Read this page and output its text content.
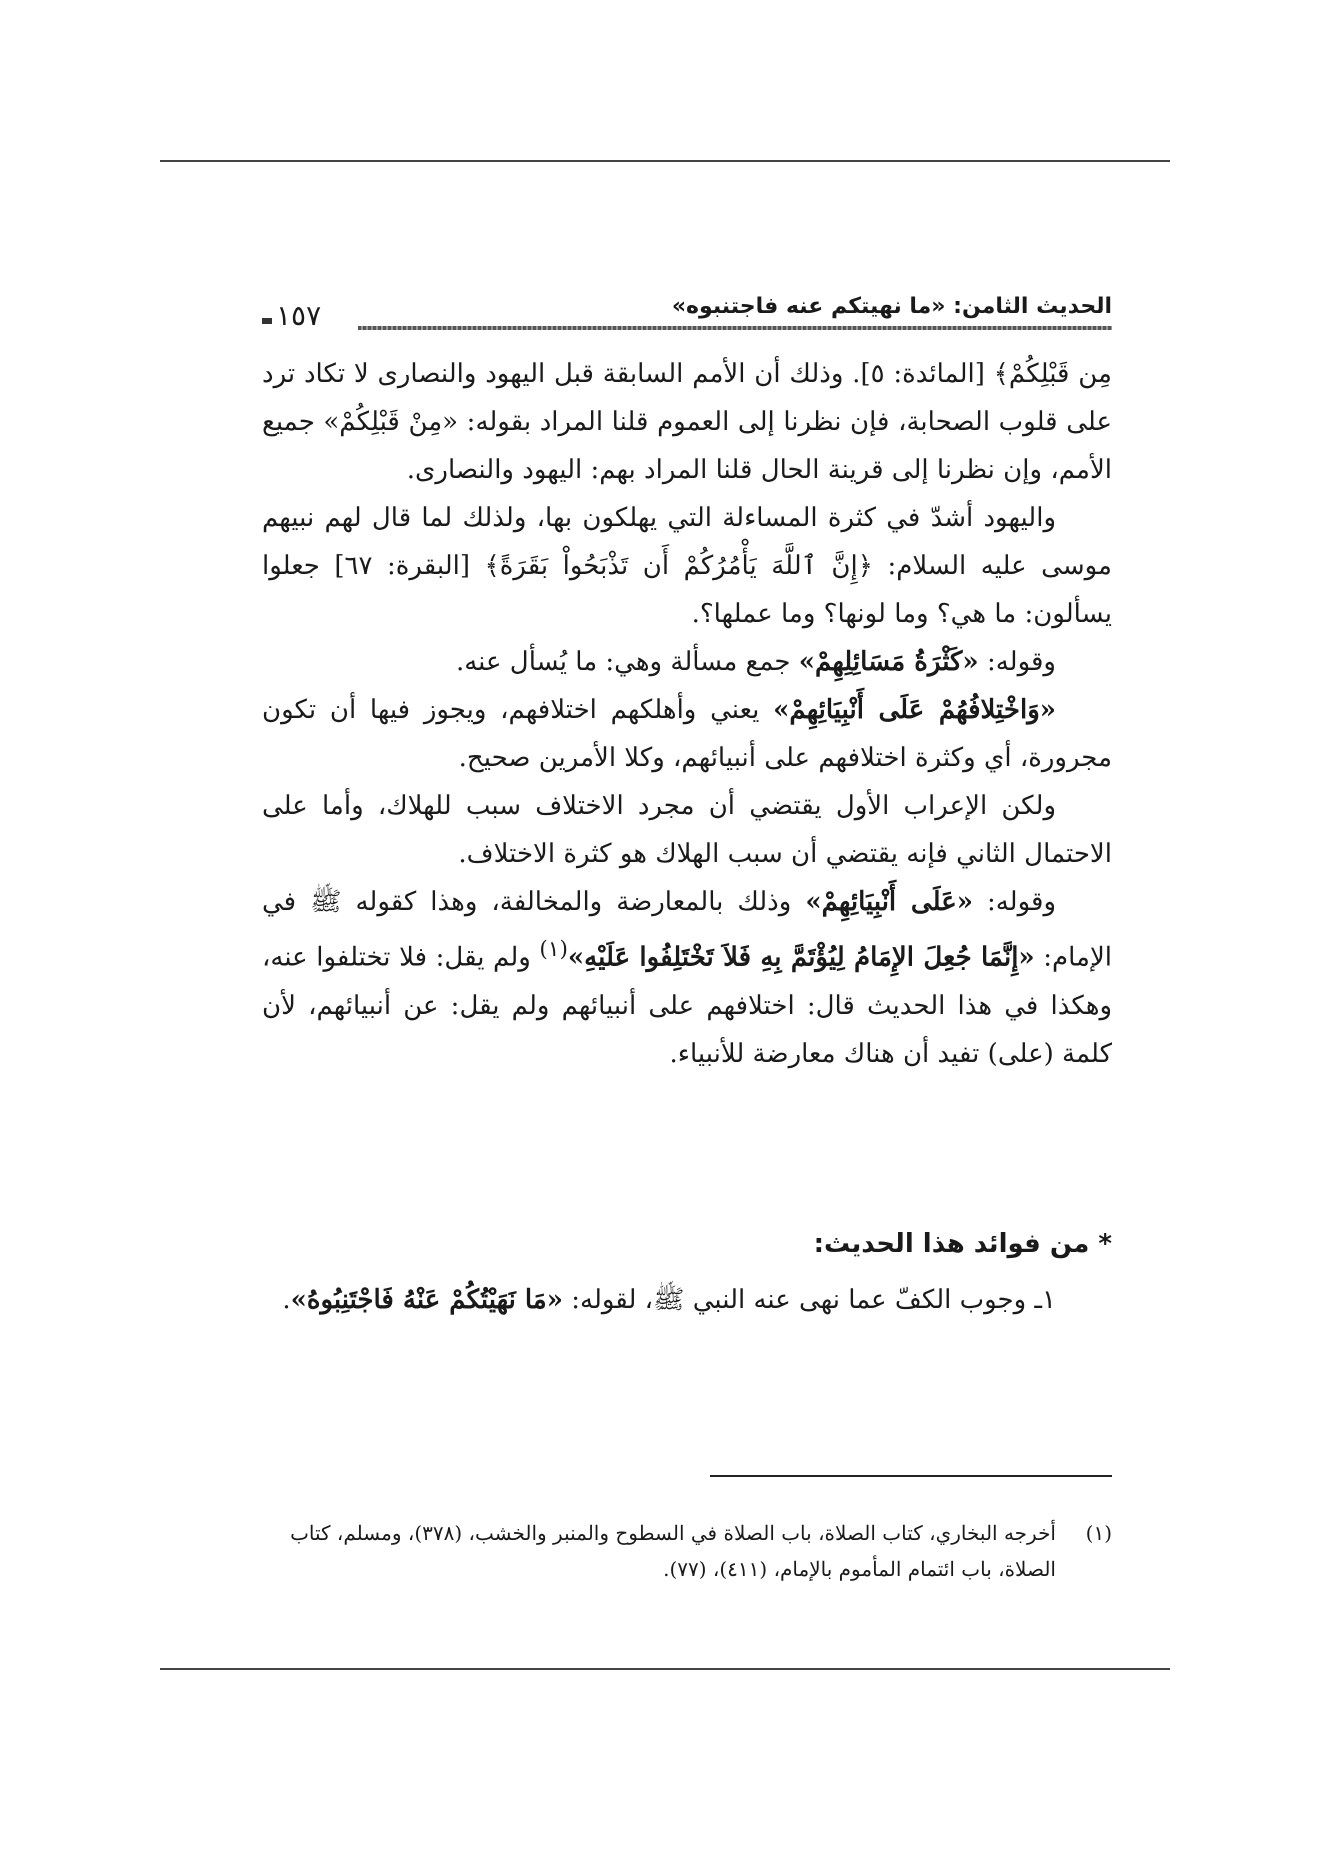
الحديث الثامن: «ما نهيتكم عنه فاجتنبوه»
١٥٧

مِن قَبْلِكُمْ﴾ [المائدة: ٥]. وذلك أن الأمم السابقة قبل اليهود والنصارى لا تكاد ترد على قلوب الصحابة، فإن نظرنا إلى العموم قلنا المراد بقوله: «مِنْ قَبْلِكُمْ» جميع الأمم، وإن نظرنا إلى قرينة الحال قلنا المراد بهم: اليهود والنصارى.

واليهود أشدّ في كثرة المساءلة التي يهلكون بها، ولذلك لما قال لهم نبيهم موسى عليه السلام: ﴿إِنَّ ٱللَّهَ يَأْمُرُكُمْ أَن تَذْبَحُواْ بَقَرَةً﴾ [البقرة: ٦٧] جعلوا يسألون: ما هي؟ وما لونها؟ وما عملها؟.

وقوله: «كَثْرَةُ مَسَائِلِهِمْ» جمع مسألة وهي: ما يُسأل عنه.

«وَاخْتِلافُهُمْ عَلَى أَنْبِيَائِهِمْ» يعني وأهلكهم اختلافهم، ويجوز فيها أن تكون مجرورة، أي وكثرة اختلافهم على أنبيائهم، وكلا الأمرين صحيح.

ولكن الإعراب الأول يقتضي أن مجرد الاختلاف سبب للهلاك، وأما على الاحتمال الثاني فإنه يقتضي أن سبب الهلاك هو كثرة الاختلاف.

وقوله: «عَلَى أَنْبِيَائِهِمْ» وذلك بالمعارضة والمخالفة، وهذا كقوله ﷺ في الإمام: «إِنَّمَا جُعِلَ الإِمَامُ لِيُؤْتَمَّ بِهِ فَلاَ تَخْتَلِفُوا عَلَيْهِ»$^{(١)}$ ولم يقل: فلا تختلفوا عنه، وهكذا في هذا الحديث قال: اختلافهم على أنبيائهم ولم يقل: عن أنبيائهم، لأن كلمة (على) تفيد أن هناك معارضة للأنبياء.

* من فوائد هذا الحديث:
١ـ وجوب الكفّ عما نهى عنه النبي ﷺ، لقوله: «مَا نَهَيْتُكُمْ عَنْهُ فَاجْتَنِبُوهُ».
(١)أخرجه البخاري، كتاب الصلاة، باب الصلاة في السطوح والمنبر والخشب، (٣٧٨)، ومسلم، كتاب الصلاة، باب ائتمام المأموم بالإمام، (٤١١)، (٧٧).
